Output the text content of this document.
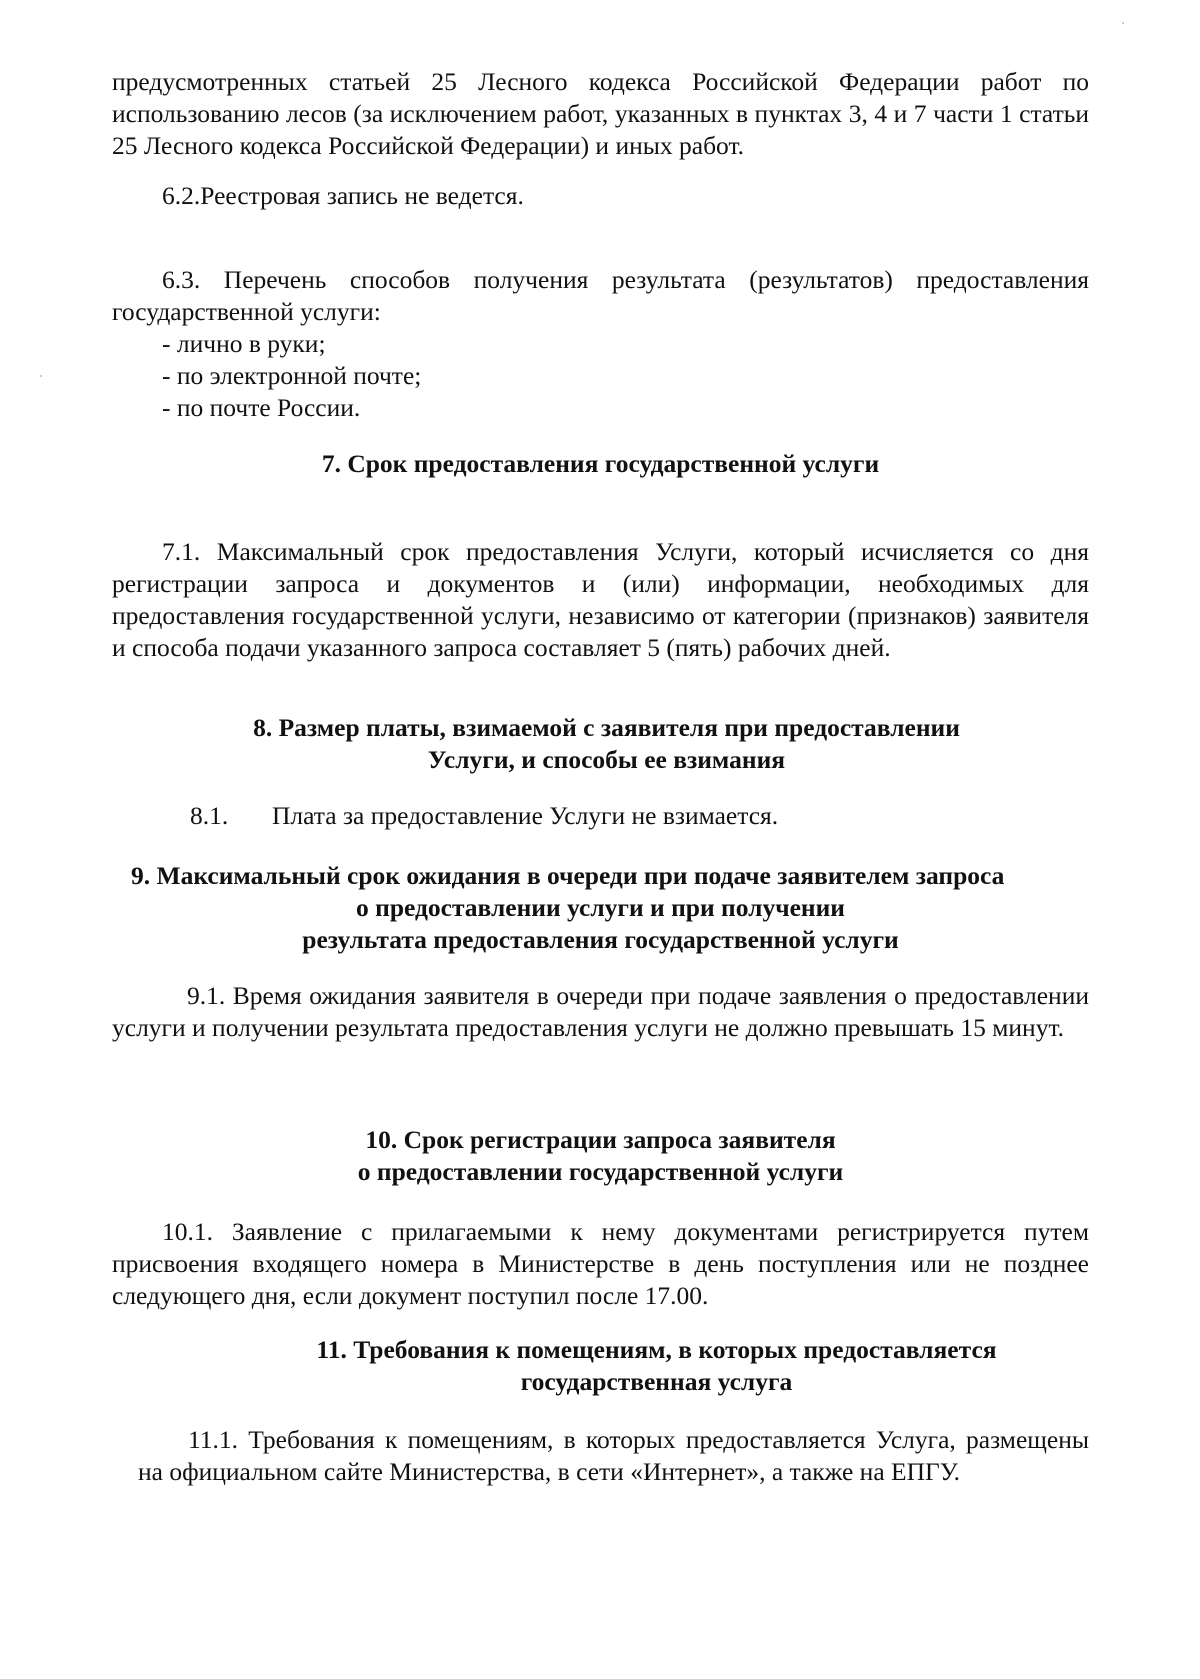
предусмотренных статьей 25 Лесного кодекса Российской Федерации работ по использованию лесов (за исключением работ, указанных в пунктах 3, 4 и 7 части 1 статьи 25 Лесного кодекса Российской Федерации) и иных работ.

6.2.Реестровая запись не ведется.

6.3. Перечень способов получения результата (результатов) предоставления государственной услуги:

- лично в руки;

- по электронной почте;

- по почте России.

7. Срок предоставления государственной услуги

7.1. Максимальный срок предоставления Услуги, который исчисляется со дня регистрации запроса и документов и (или) информации, необходимых для предоставления государственной услуги, независимо от категории (признаков) заявителя и способа подачи указанного запроса составляет 5 (пять) рабочих дней.

8. Размер платы, взимаемой с заявителя при предоставлении

Услуги, и способы ее взимания

8.1. Плата за предоставление Услуги не взимается.

9. Максимальный срок ожидания в очереди при подаче заявителем запроса

о предоставлении услуги и при получении

результата предоставления государственной услуги

9.1. Время ожидания заявителя в очереди при подаче заявления о предоставлении услуги и получении результата предоставления услуги не должно превышать 15 минут.

10. Срок регистрации запроса заявителя

о предоставлении государственной услуги

10.1. Заявление с прилагаемыми к нему документами регистрируется путем присвоения входящего номера в Министерстве в день поступления или не позднее следующего дня, если документ поступил после 17.00.

11. Требования к помещениям, в которых предоставляется

государственная услуга

11.1. Требования к помещениям, в которых предоставляется Услуга, размещены на официальном сайте Министерства, в сети «Интернет», а также на ЕПГУ.
